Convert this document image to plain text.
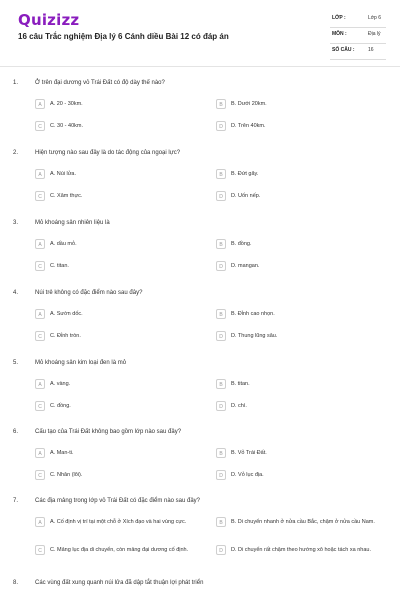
Quizizz
16 câu Trắc nghiệm Địa lý 6 Cánh diều Bài 12 có đáp án
LỚP :	Lớp 6
MÔN :	Địa lý
SỐ CÂU :	16
1.	Ở trên đại dương vỏ Trái Đất có độ dày thế nào?
A	A. 20 - 30km.	B	B. Dưới 20km.
C	C. 30 - 40km.	D	D. Trên 40km.
2.	Hiện tượng nào sau đây là do tác động của ngoại lực?
A	A. Núi lửa.	B	B. Đứt gãy.
C	C. Xâm thực.	D	D. Uốn nếp.
3.	Mỏ khoáng sản nhiên liệu là
A	A. dầu mỏ.	B	B. đồng.
C	C. titan.	D	D. mangan.
4.	Núi trẻ không có đặc điểm nào sau đây?
A	A. Sườn dốc.	B	B. Đỉnh cao nhọn.
C	C. Đỉnh tròn.	D	D. Thung lũng sâu.
5.	Mỏ khoáng sản kim loại đen là mỏ
A	A. vàng.	B	B. titan.
C	C. đồng.	D	D. chì.
6.	Cấu tạo của Trái Đất không bao gồm lớp nào sau đây?
A	A. Man-ti.	B	B. Vỏ Trái Đất.
C	C. Nhân (lõi).	D	D. Vỏ lục địa.
7.	Các địa mảng trong lớp vỏ Trái Đất có đặc điểm nào sau đây?
A	A. Cố định vị trí tại một chỗ ở Xích đạo và hai vùng cực.	B	B. Di chuyển nhanh ở nửa cầu Bắc, chậm ở nửa cầu Nam.
C	C. Mảng lục địa di chuyển, còn mảng đại dương cố định.	D	D. Di chuyển rất chậm theo hướng xô hoặc tách xa nhau.
8.	Các vùng đất xung quanh núi lửa đã dập tắt thuận lợi phát triển
